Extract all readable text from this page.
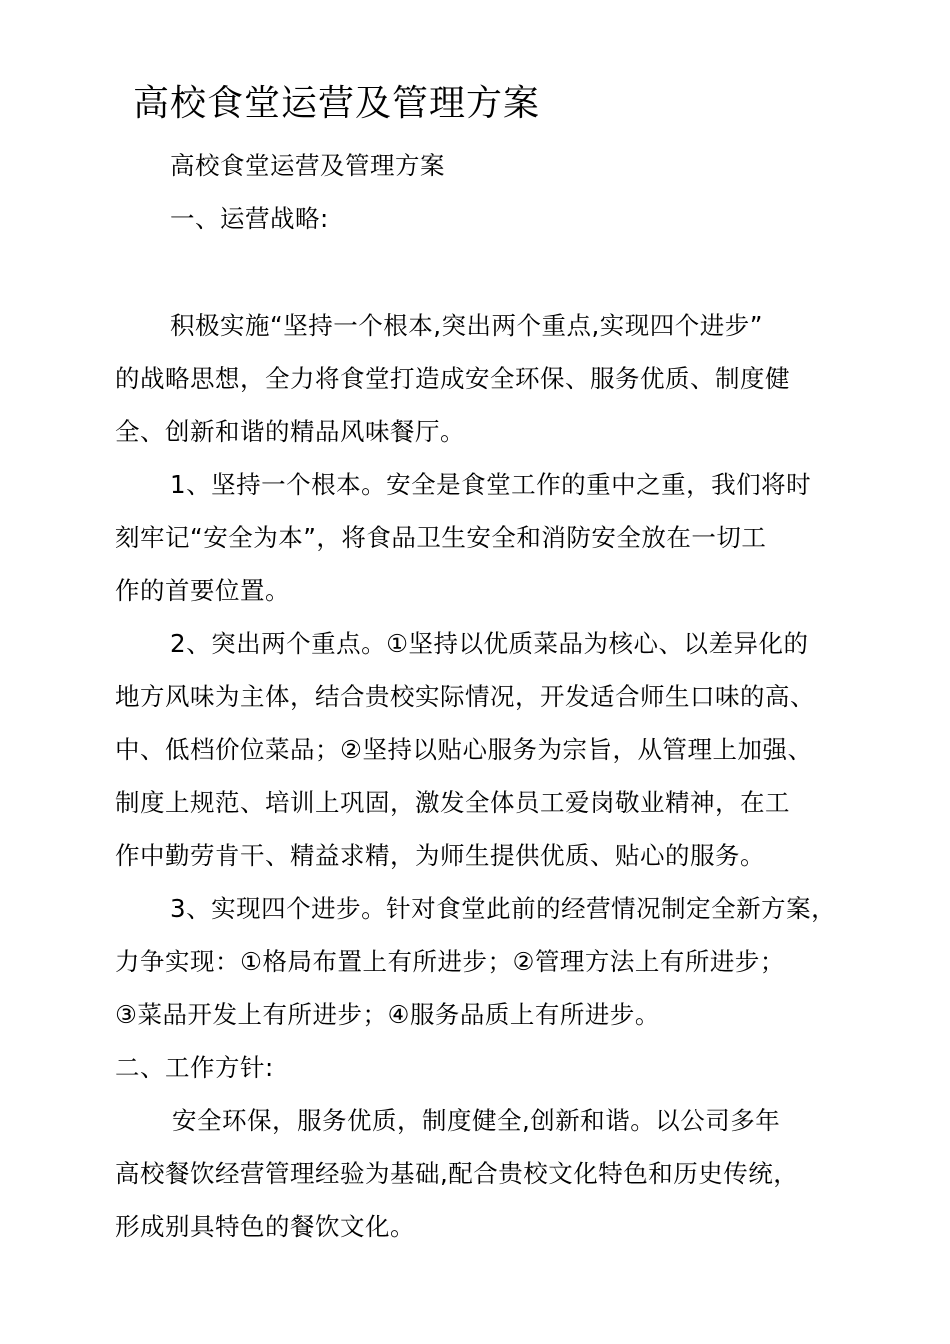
高校食堂运营及管理方案
高校食堂运营及管理方案
一、运营战略:
积极实施“坚持一个根本,突出两个重点,实现四个进步”
的战略思想，全力将食堂打造成安全环保、服务优质、制度健
全、创新和谐的精品风味餐厅。
1、坚持一个根本。安全是食堂工作的重中之重，我们将时
刻牢记“安全为本”，将食品卫生安全和消防安全放在一切工
作的首要位置。
2、突出两个重点。①坚持以优质菜品为核心、以差异化的
地方风味为主体，结合贵校实际情况，开发适合师生口味的高、
中、低档价位菜品；②坚持以贴心服务为宗旨，从管理上加强、
制度上规范、培训上巩固，激发全体员工爱岗敬业精神，在工
作中勤劳肯干、精益求精，为师生提供优质、贴心的服务。
3、实现四个进步。针对食堂此前的经营情况制定全新方案，
力争实现：①格局布置上有所进步；②管理方法上有所进步；
③菜品开发上有所进步；④服务品质上有所进步。
二、工作方针:
安全环保，服务优质，制度健全,创新和谐。以公司多年
高校餐饮经营管理经验为基础,配合贵校文化特色和历史传统，
形成别具特色的餐饮文化。
